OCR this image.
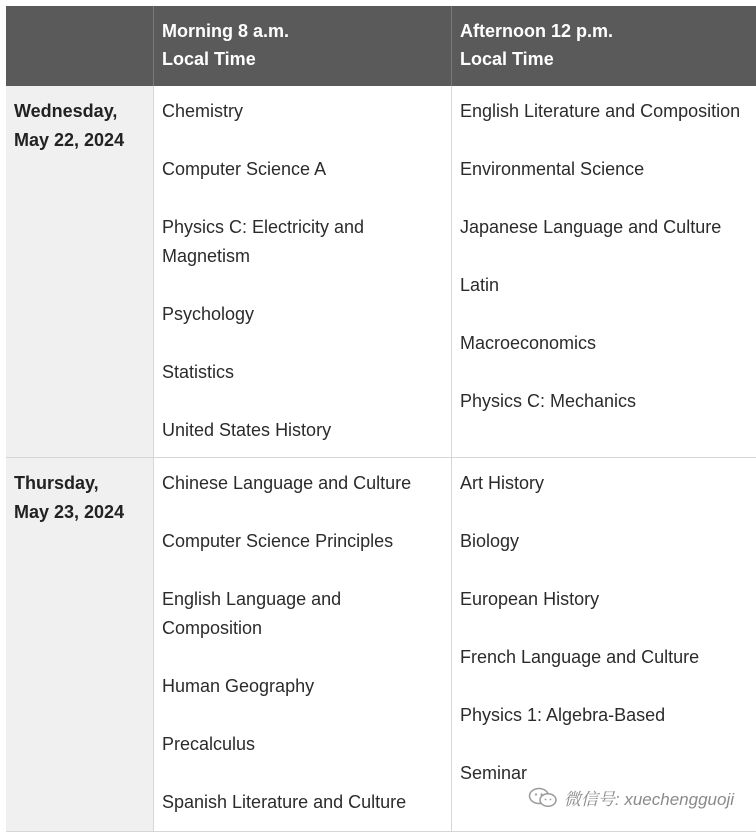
Morning 8 a.m.
Local Time
Afternoon 12 p.m.
Local Time
Wednesday,
May 22, 2024
Chemistry
Computer Science A
Physics C: Electricity and Magnetism
Psychology
Statistics
United States History
English Literature and Composition
Environmental Science
Japanese Language and Culture
Latin
Macroeconomics
Physics C: Mechanics
Thursday,
May 23, 2024
Chinese Language and Culture
Computer Science Principles
English Language and Composition
Human Geography
Precalculus
Spanish Literature and Culture
Art History
Biology
European History
French Language and Culture
Physics 1: Algebra-Based
Seminar
微信号: xuechengguoji
